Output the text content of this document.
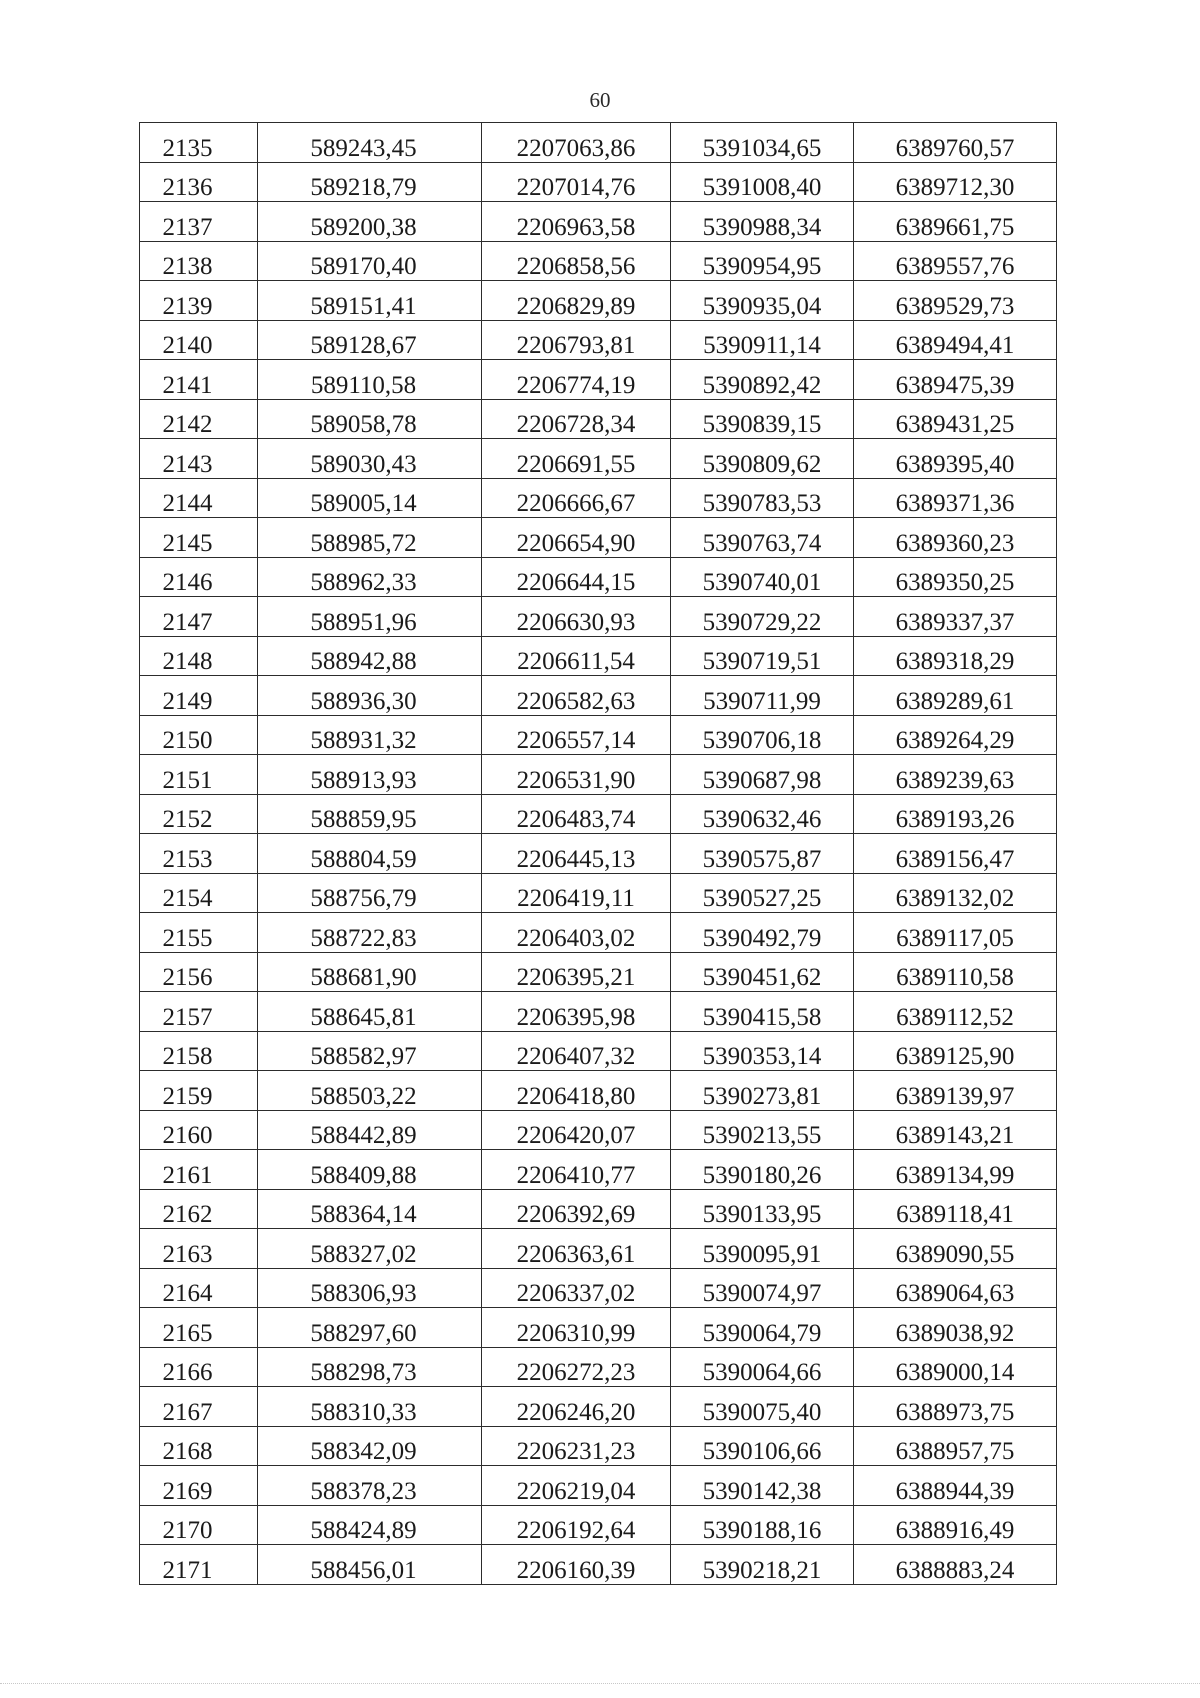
60
2135	589243,45	2207063,86	5391034,65	6389760,57
2136	589218,79	2207014,76	5391008,40	6389712,30
2137	589200,38	2206963,58	5390988,34	6389661,75
2138	589170,40	2206858,56	5390954,95	6389557,76
2139	589151,41	2206829,89	5390935,04	6389529,73
2140	589128,67	2206793,81	5390911,14	6389494,41
2141	589110,58	2206774,19	5390892,42	6389475,39
2142	589058,78	2206728,34	5390839,15	6389431,25
2143	589030,43	2206691,55	5390809,62	6389395,40
2144	589005,14	2206666,67	5390783,53	6389371,36
2145	588985,72	2206654,90	5390763,74	6389360,23
2146	588962,33	2206644,15	5390740,01	6389350,25
2147	588951,96	2206630,93	5390729,22	6389337,37
2148	588942,88	2206611,54	5390719,51	6389318,29
2149	588936,30	2206582,63	5390711,99	6389289,61
2150	588931,32	2206557,14	5390706,18	6389264,29
2151	588913,93	2206531,90	5390687,98	6389239,63
2152	588859,95	2206483,74	5390632,46	6389193,26
2153	588804,59	2206445,13	5390575,87	6389156,47
2154	588756,79	2206419,11	5390527,25	6389132,02
2155	588722,83	2206403,02	5390492,79	6389117,05
2156	588681,90	2206395,21	5390451,62	6389110,58
2157	588645,81	2206395,98	5390415,58	6389112,52
2158	588582,97	2206407,32	5390353,14	6389125,90
2159	588503,22	2206418,80	5390273,81	6389139,97
2160	588442,89	2206420,07	5390213,55	6389143,21
2161	588409,88	2206410,77	5390180,26	6389134,99
2162	588364,14	2206392,69	5390133,95	6389118,41
2163	588327,02	2206363,61	5390095,91	6389090,55
2164	588306,93	2206337,02	5390074,97	6389064,63
2165	588297,60	2206310,99	5390064,79	6389038,92
2166	588298,73	2206272,23	5390064,66	6389000,14
2167	588310,33	2206246,20	5390075,40	6388973,75
2168	588342,09	2206231,23	5390106,66	6388957,75
2169	588378,23	2206219,04	5390142,38	6388944,39
2170	588424,89	2206192,64	5390188,16	6388916,49
2171	588456,01	2206160,39	5390218,21	6388883,24
